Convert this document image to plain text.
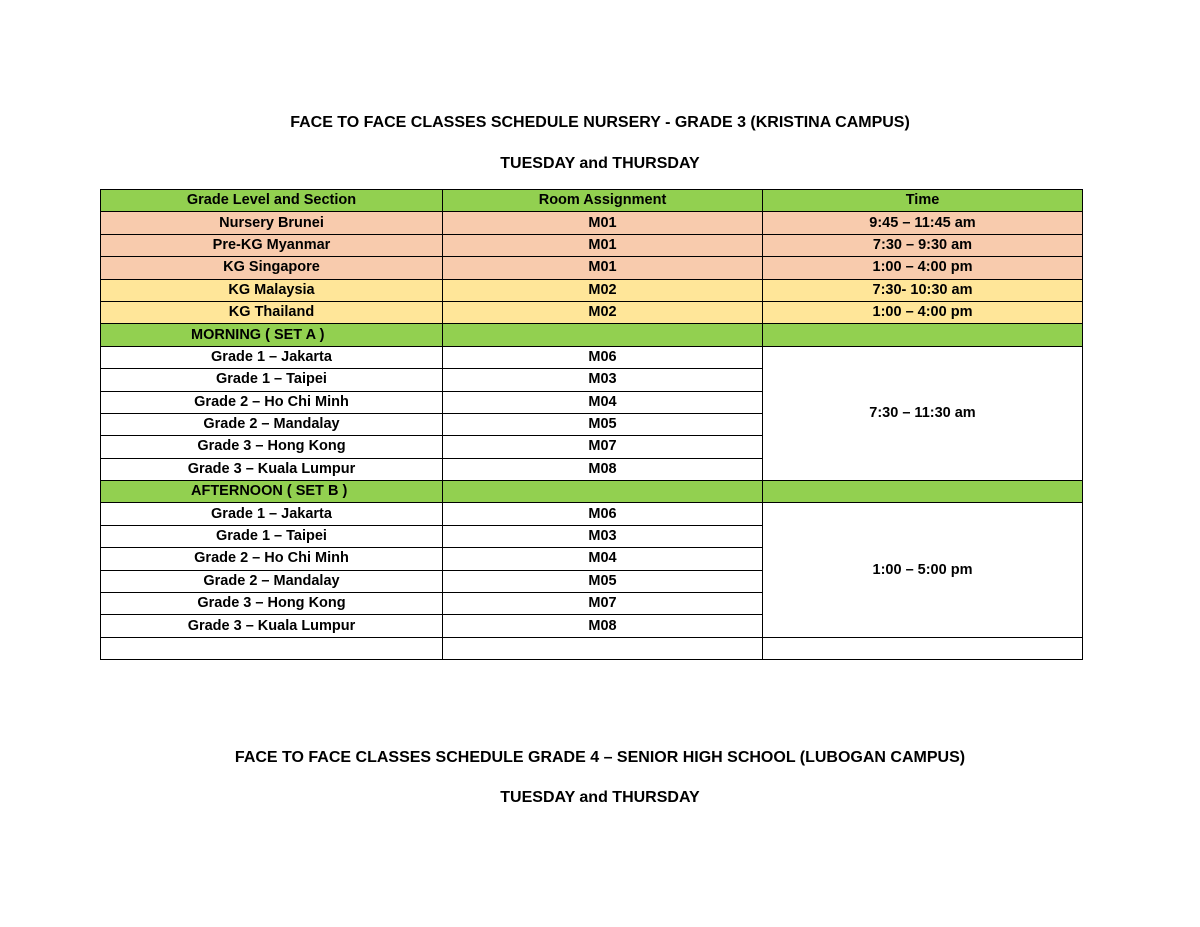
FACE TO FACE CLASSES SCHEDULE NURSERY - GRADE 3 (KRISTINA CAMPUS)
TUESDAY and THURSDAY
Grade Level and Section	Room Assignment	Time
Nursery Brunei	M01	9:45 – 11:45 am
Pre-KG Myanmar	M01	7:30 – 9:30 am
KG Singapore	M01	1:00 – 4:00 pm
KG Malaysia	M02	7:30- 10:30 am
KG Thailand	M02	1:00 – 4:00 pm
MORNING ( SET A )		
Grade 1 – Jakarta	M06	7:30 – 11:30 am
Grade 1 – Taipei	M03	
Grade 2 – Ho Chi Minh	M04	
Grade 2 – Mandalay	M05	
Grade 3 – Hong Kong	M07	
Grade 3 – Kuala Lumpur	M08	
AFTERNOON ( SET B )		
Grade 1 – Jakarta	M06	1:00 – 5:00 pm
Grade 1 – Taipei	M03	
Grade 2 – Ho Chi Minh	M04	
Grade 2 – Mandalay	M05	
Grade 3 – Hong Kong	M07	
Grade 3 – Kuala Lumpur	M08	

FACE TO FACE CLASSES SCHEDULE GRADE 4 – SENIOR HIGH SCHOOL (LUBOGAN CAMPUS)
TUESDAY and THURSDAY
